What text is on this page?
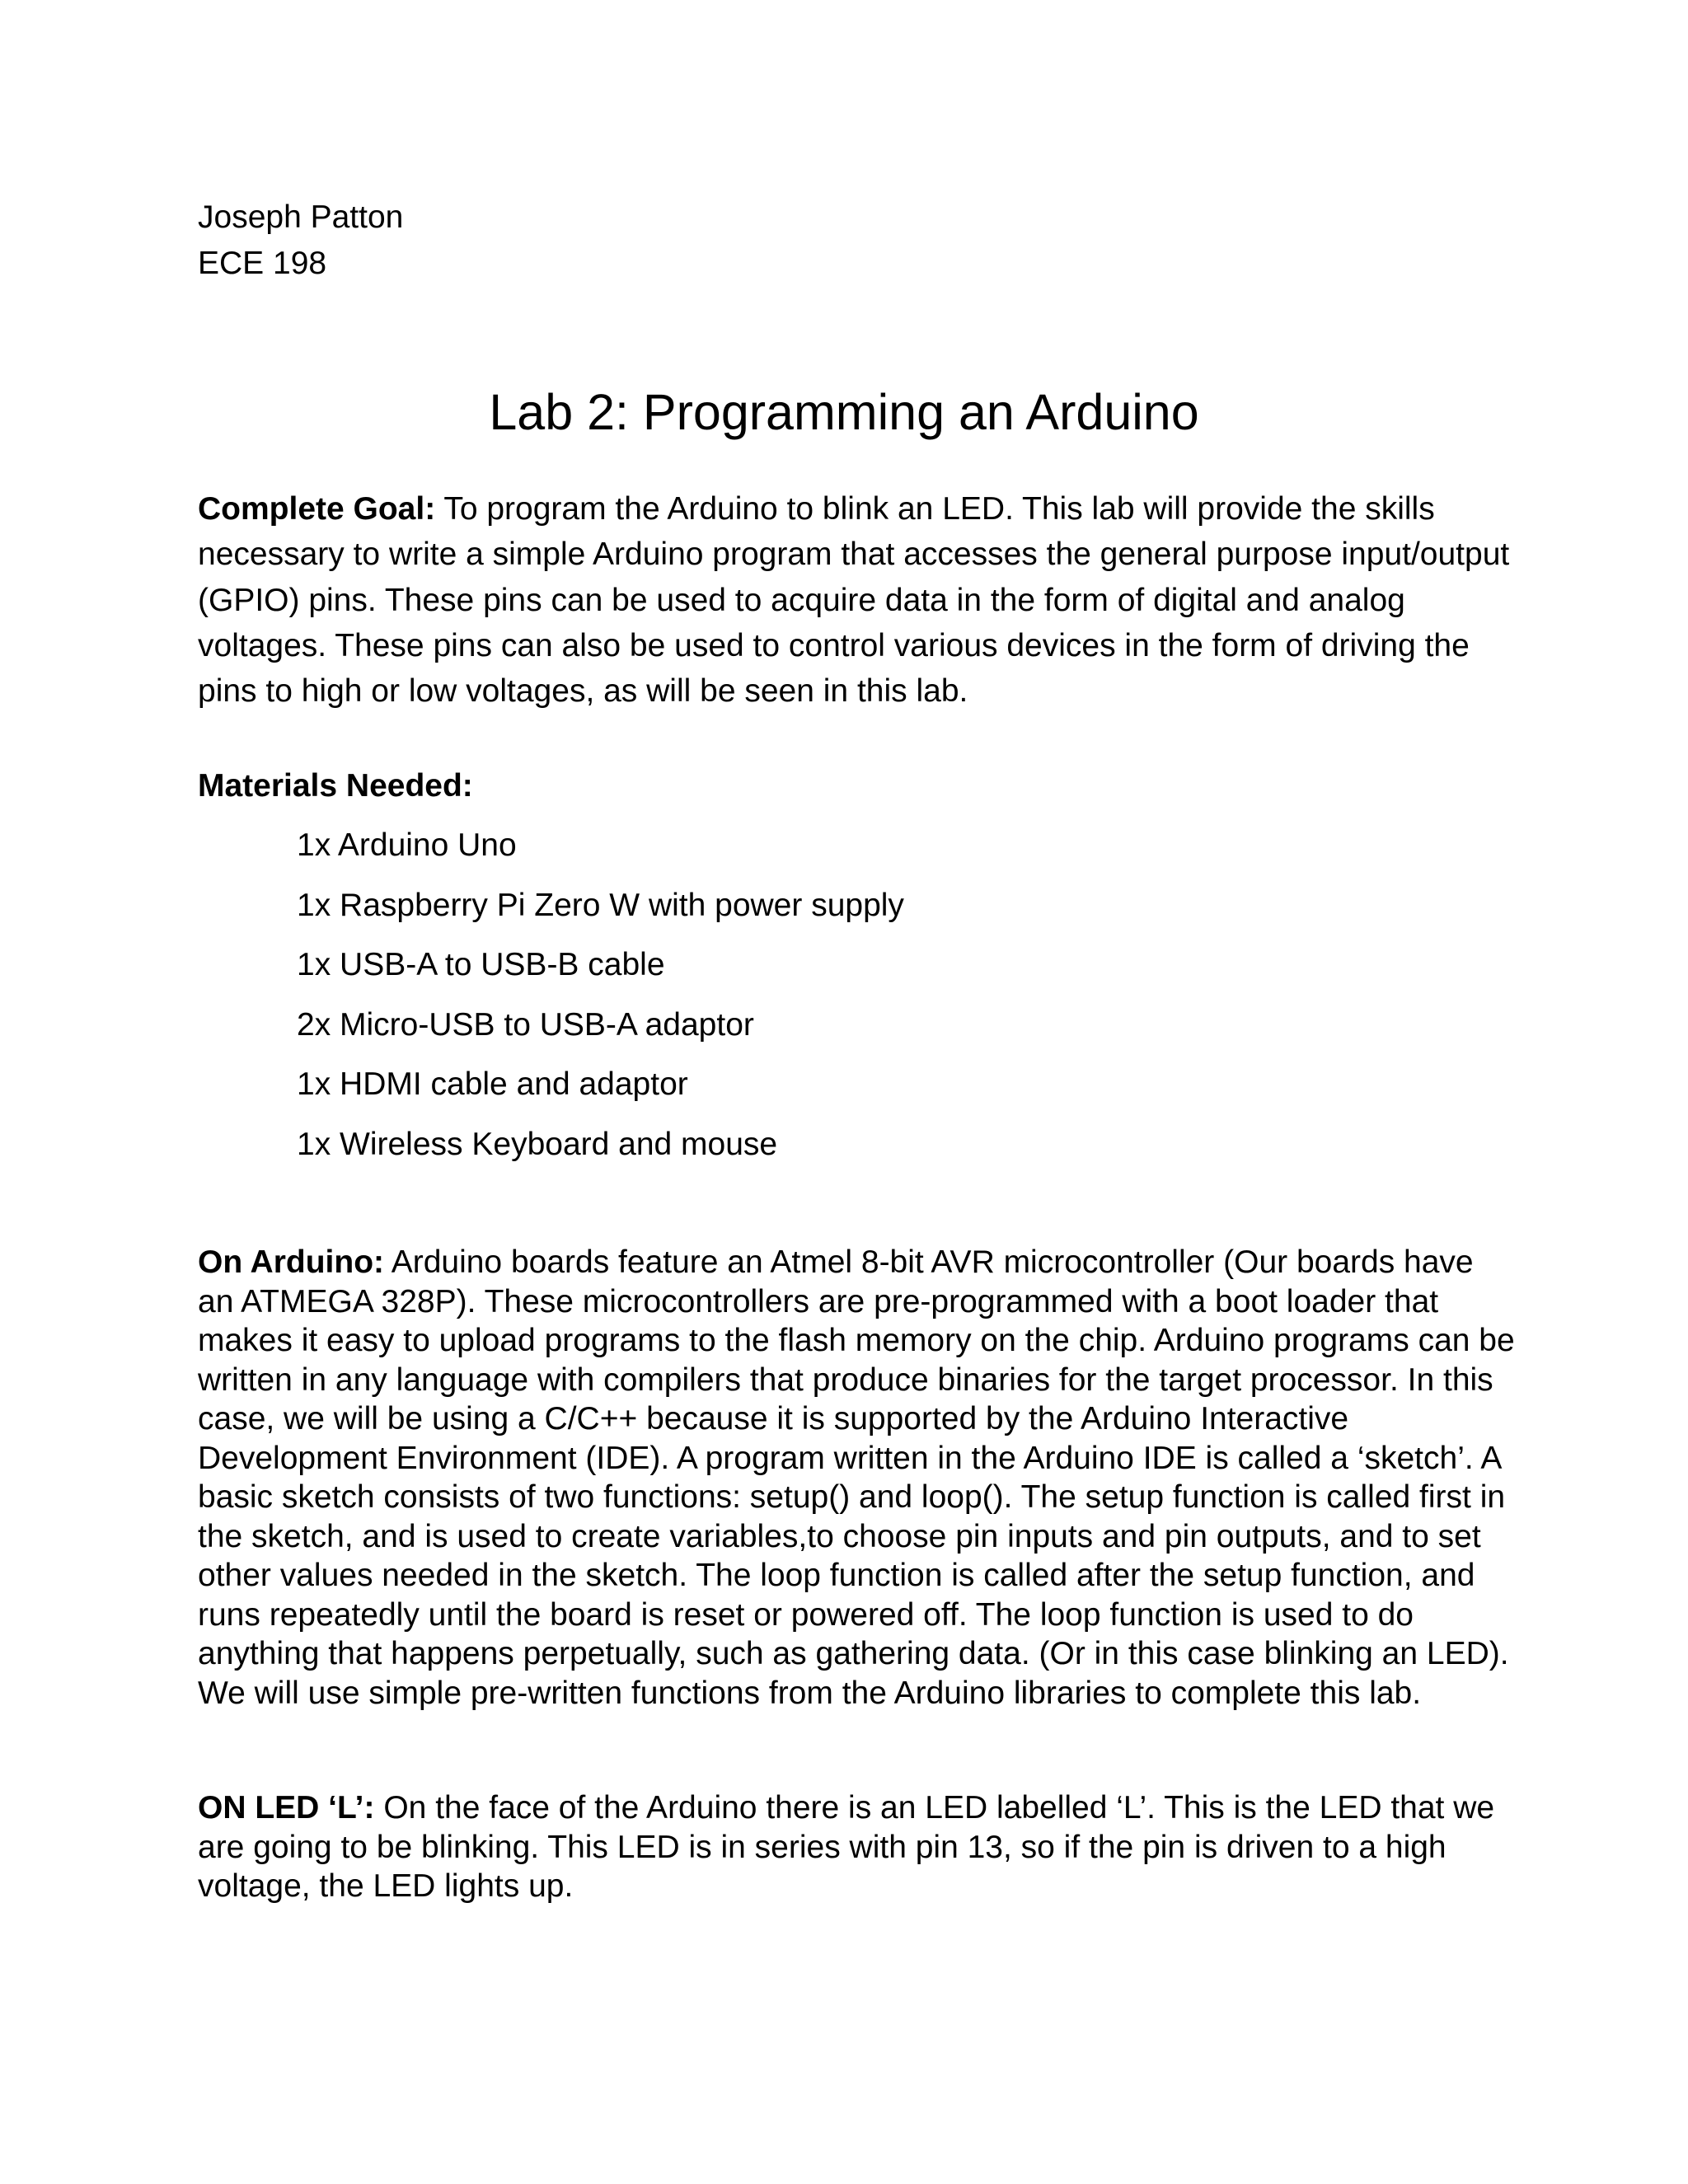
Joseph Patton
ECE 198
Lab 2: Programming an Arduino
Complete Goal: To program the Arduino to blink an LED. This lab will provide the skills necessary to write a simple Arduino program that accesses the general purpose input/output (GPIO) pins. These pins can be used to acquire data in the form of digital and analog voltages. These pins can also be used to control various devices in the form of driving the pins to high or low voltages, as will be seen in this lab.
Materials Needed:
1x Arduino Uno
1x Raspberry Pi Zero W with power supply
1x USB-A to USB-B cable
2x Micro-USB to USB-A adaptor
1x HDMI cable and adaptor
1x Wireless Keyboard and mouse
On Arduino: Arduino boards feature an Atmel 8-bit AVR microcontroller (Our boards have an ATMEGA 328P). These microcontrollers are pre-programmed with a boot loader that makes it easy to upload programs to the flash memory on the chip. Arduino programs can be written in any language with compilers that produce binaries for the target processor. In this case, we will be using a C/C++ because it is supported by the Arduino Interactive Development Environment (IDE). A program written in the Arduino IDE is called a ‘sketch’. A basic sketch consists of two functions: setup() and loop(). The setup function is called first in the sketch, and is used to create variables,to choose pin inputs and pin outputs, and to set other values needed in the sketch. The loop function is called after the setup function, and runs repeatedly until the board is reset or powered off. The loop function is used to do anything that happens perpetually, such as gathering data. (Or in this case blinking an LED). We will use simple pre-written functions from the Arduino libraries to complete this lab.
ON LED ‘L’: On the face of the Arduino there is an LED labelled ‘L’. This is the LED that we are going to be blinking. This LED is in series with pin 13, so if the pin is driven to a high voltage, the LED lights up.
